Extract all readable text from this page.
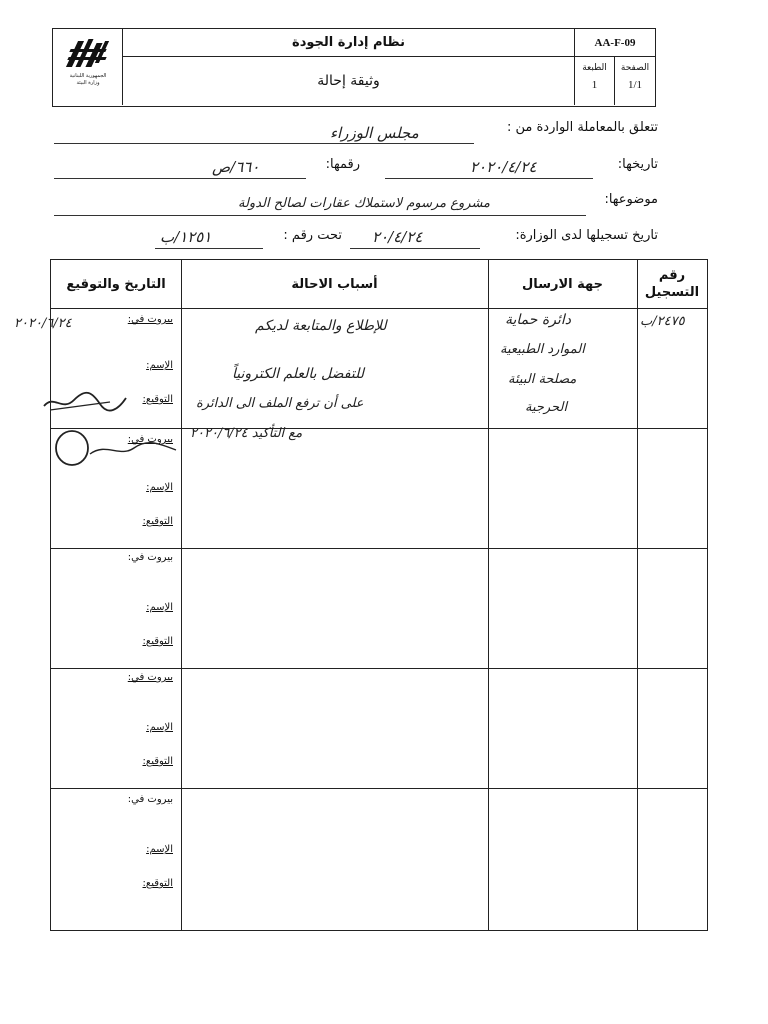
الجمهورية اللبنانية
وزارة البيئة
نظام إدارة الجودة
وثيقة إحالة
AA-F-09
الطبعة
1
الصفحة
1/1
تتعلق بالمعاملة الواردة من :
مجلس الوزراء
تاريخها:
٢٠٢٠/٤/٢٤
رقمها:
٦٦٠/ص
موضوعها:
مشروع مرسوم لاستملاك عقارات لصالح الدولة
تاريخ تسجيلها لدى الوزارة:
٢٠/٤/٢٤
تحت رقم :
١٢٥١/ب
رقم التسجيل
جهة الارسال
أسباب الاحالة
التاريخ والتوقيع
بيروت في:
الإسم:
التوقيع:
بيروت في:
الإسم:
التوقيع:
بيروت في:
الإسم:
التوقيع:
بيروت في:
الإسم:
التوقيع:
بيروت في:
الإسم:
التوقيع:
٢٤٧٥/ب
دائرة حماية
الموارد الطبيعية
مصلحة البيئة
الحرجية
للإطلاع والمتابعة لديكم
للتفضل بالعلم الكترونياً
على أن ترفع الملف الى الدائرة
مع التأكيد ٢٠٢٠/٦/٢٤
٢٠٢٠/٦/٢٤
